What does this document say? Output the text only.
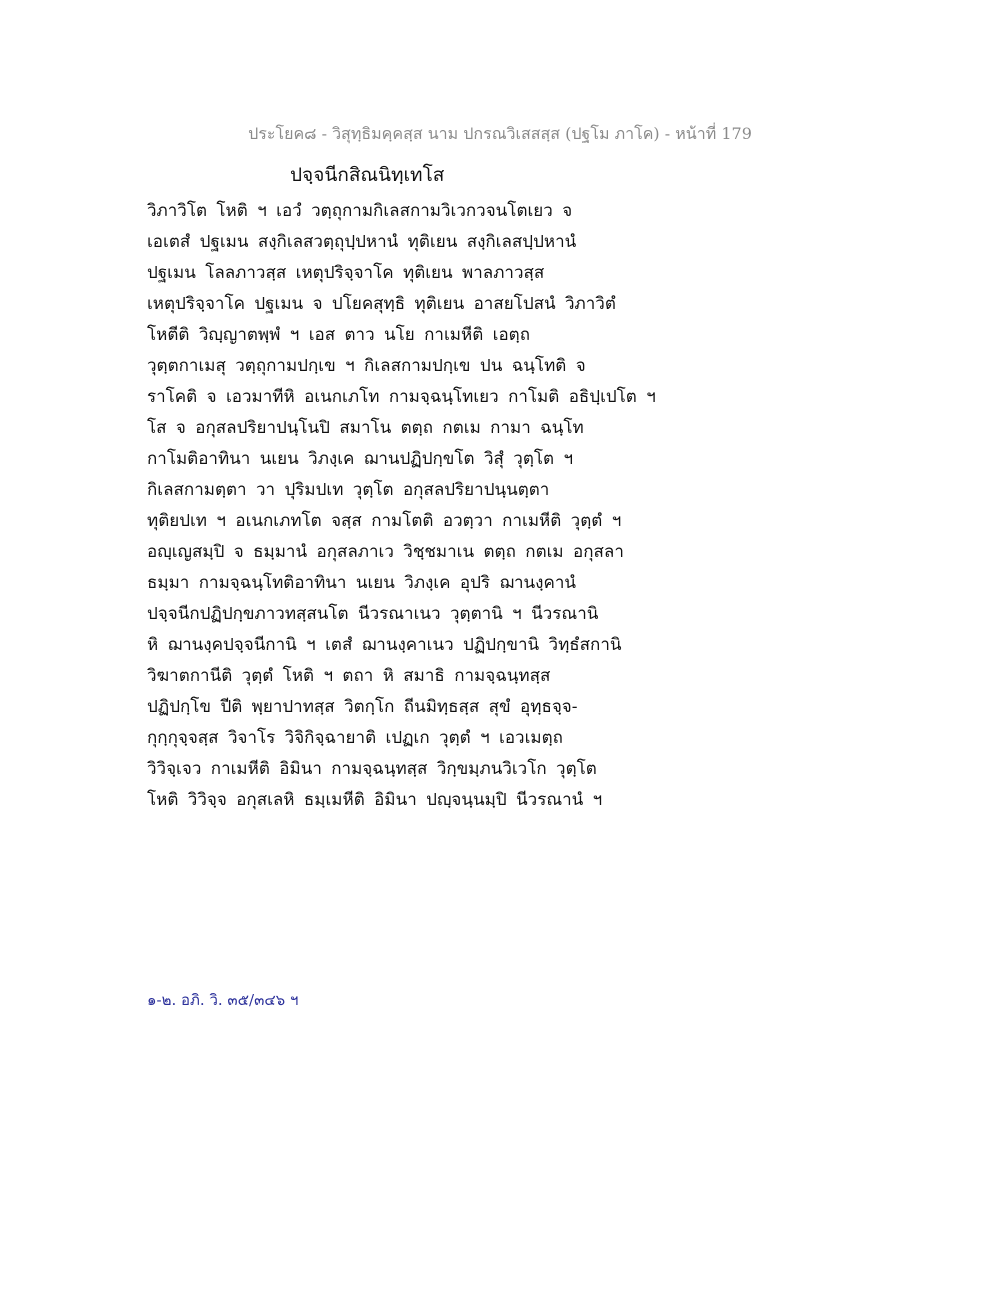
ประโยค๘ - วิสุทฺธิมคฺคสฺส นาม ปกรณวิเสสสฺส (ปฐโม ภาโค) - หน้าที่ 179
ปจฺจนีกสิณนิทฺเทโส
วิภาวิโต โหติ ฯ เอวํ วตฺถุกามกิเลสกามวิเวกวจนโตเยว จ
เอเตสํ ปฐเมน สงฺกิเลสวตฺถุปฺปหานํ ทุติเยน สงฺกิเลสปฺปหานํ
ปฐเมน โลลภาวสฺส เหตุปริจฺจาโค ทุติเยน พาลภาวสฺส
เหตุปริจฺจาโค ปฐเมน จ ปโยคสุทฺธิ ทุติเยน อาสยโปสนํ วิภาวิตํ
โหตีติ วิญฺญาตพฺพํ ฯ เอส ตาว นโย กาเมหีติ เอตฺถ
วุตฺตกาเมสุ วตฺถุกามปกฺเข ฯ กิเลสกามปกฺเข ปน ฉนฺโทติ จ
ราโคติ จ เอวมาทีหิ อเนกเภโท กามจฺฉนฺโทเยว กาโมติ อธิปฺเปโต ฯ
โส จ อกุสลปริยาปนฺโนปิ สมาโน ตตฺถ กตเม กามา ฉนฺโท
กาโมติอาทินา นเยน วิภงฺเค ฌานปฏิปกฺขโต วิสุํ วุตฺโต ฯ
กิเลสกามตฺตา วา ปุริมปเท วุตฺโต อกุสลปริยาปนฺนตฺตา
ทุติยปเท ฯ อเนกเภทโต จสฺส กามโตติ อวตฺวา กาเมหีติ วุตฺตํ ฯ
อญฺเญสมฺปิ จ ธมฺมานํ อกุสลภาเว วิชฺชมาเน ตตฺถ กตเม อกุสลา
ธมฺมา กามจฺฉนฺโทติอาทินา นเยน วิภงฺเค อุปริ ฌานงฺคานํ
ปจฺจนีกปฏิปกฺขภาวทสฺสนโต นีวรณาเนว วุตฺตานิ ฯ นีวรณานิ
หิ ฌานงฺคปจฺจนีกานิ ฯ เตสํ ฌานงฺคาเนว ปฏิปกฺขานิ วิทฺธํสกานิ
วิฆาตกานีติ วุตฺตํ โหติ ฯ ตถา หิ สมาธิ กามจฺฉนฺทสฺส
ปฏิปกฺโข ปีติ พฺยาปาทสฺส วิตกฺโก ถีนมิทฺธสฺส สุขํ อุทฺธจฺจ-
กุกฺกุจฺจสฺส วิจาโร วิจิกิจฺฉายาติ เปฏเก วุตฺตํ ฯ เอวเมตฺถ
วิวิจฺเจว กาเมหีติ อิมินา กามจฺฉนฺทสฺส วิกฺขมฺภนวิเวโก วุตฺโต
โหติ วิวิจฺจ อกุสเลหิ ธมฺเมหีติ อิมินา ปญฺจนฺนมฺปิ นีวรณานํ ฯ
๑-๒. อภิ. วิ. ๓๕/๓๔๖ ฯ
